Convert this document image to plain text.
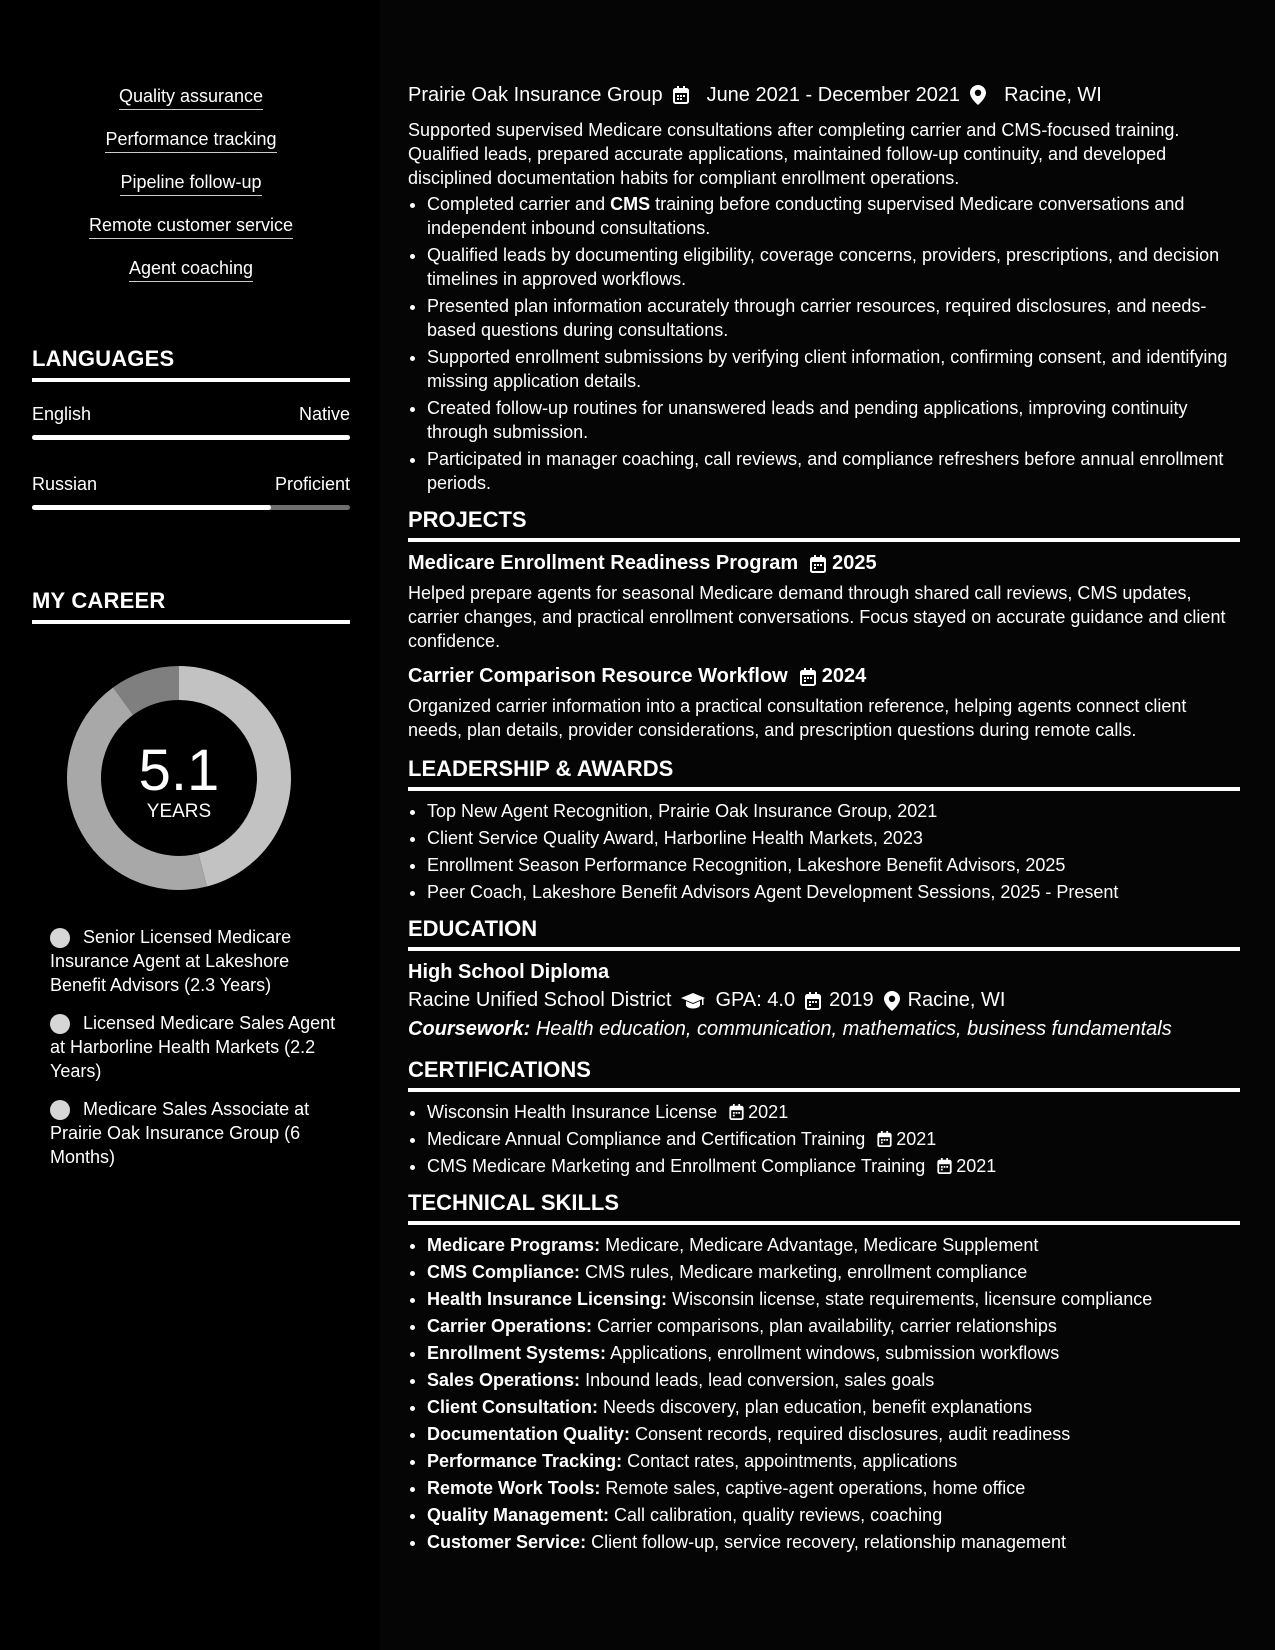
Quality assurance
Performance tracking
Pipeline follow-up
Remote customer service
Agent coaching
LANGUAGES
English	Native
Russian	Proficient
MY CAREER
5.1
YEARS
Senior Licensed Medicare Insurance Agent at Lakeshore Benefit Advisors (2.3 Years)
Licensed Medicare Sales Agent at Harborline Health Markets (2.2 Years)
Medicare Sales Associate at Prairie Oak Insurance Group (6 Months)
Prairie Oak Insurance Group June 2021 - December 2021 Racine, WI
Supported supervised Medicare consultations after completing carrier and CMS-focused training. Qualified leads, prepared accurate applications, maintained follow-up continuity, and developed disciplined documentation habits for compliant enrollment operations.
• Completed carrier and CMS training before conducting supervised Medicare conversations and independent inbound consultations.
• Qualified leads by documenting eligibility, coverage concerns, providers, prescriptions, and decision timelines in approved workflows.
• Presented plan information accurately through carrier resources, required disclosures, and needs-based questions during consultations.
• Supported enrollment submissions by verifying client information, confirming consent, and identifying missing application details.
• Created follow-up routines for unanswered leads and pending applications, improving continuity through submission.
• Participated in manager coaching, call reviews, and compliance refreshers before annual enrollment periods.
PROJECTS
Medicare Enrollment Readiness Program 2025
Helped prepare agents for seasonal Medicare demand through shared call reviews, CMS updates, carrier changes, and practical enrollment conversations. Focus stayed on accurate guidance and client confidence.
Carrier Comparison Resource Workflow 2024
Organized carrier information into a practical consultation reference, helping agents connect client needs, plan details, provider considerations, and prescription questions during remote calls.
LEADERSHIP & AWARDS
• Top New Agent Recognition, Prairie Oak Insurance Group, 2021
• Client Service Quality Award, Harborline Health Markets, 2023
• Enrollment Season Performance Recognition, Lakeshore Benefit Advisors, 2025
• Peer Coach, Lakeshore Benefit Advisors Agent Development Sessions, 2025 - Present
EDUCATION
High School Diploma
Racine Unified School District GPA: 4.0 2019 Racine, WI
Coursework: Health education, communication, mathematics, business fundamentals
CERTIFICATIONS
• Wisconsin Health Insurance License 2021
• Medicare Annual Compliance and Certification Training 2021
• CMS Medicare Marketing and Enrollment Compliance Training 2021
TECHNICAL SKILLS
• Medicare Programs: Medicare, Medicare Advantage, Medicare Supplement
• CMS Compliance: CMS rules, Medicare marketing, enrollment compliance
• Health Insurance Licensing: Wisconsin license, state requirements, licensure compliance
• Carrier Operations: Carrier comparisons, plan availability, carrier relationships
• Enrollment Systems: Applications, enrollment windows, submission workflows
• Sales Operations: Inbound leads, lead conversion, sales goals
• Client Consultation: Needs discovery, plan education, benefit explanations
• Documentation Quality: Consent records, required disclosures, audit readiness
• Performance Tracking: Contact rates, appointments, applications
• Remote Work Tools: Remote sales, captive-agent operations, home office
• Quality Management: Call calibration, quality reviews, coaching
• Customer Service: Client follow-up, service recovery, relationship management
